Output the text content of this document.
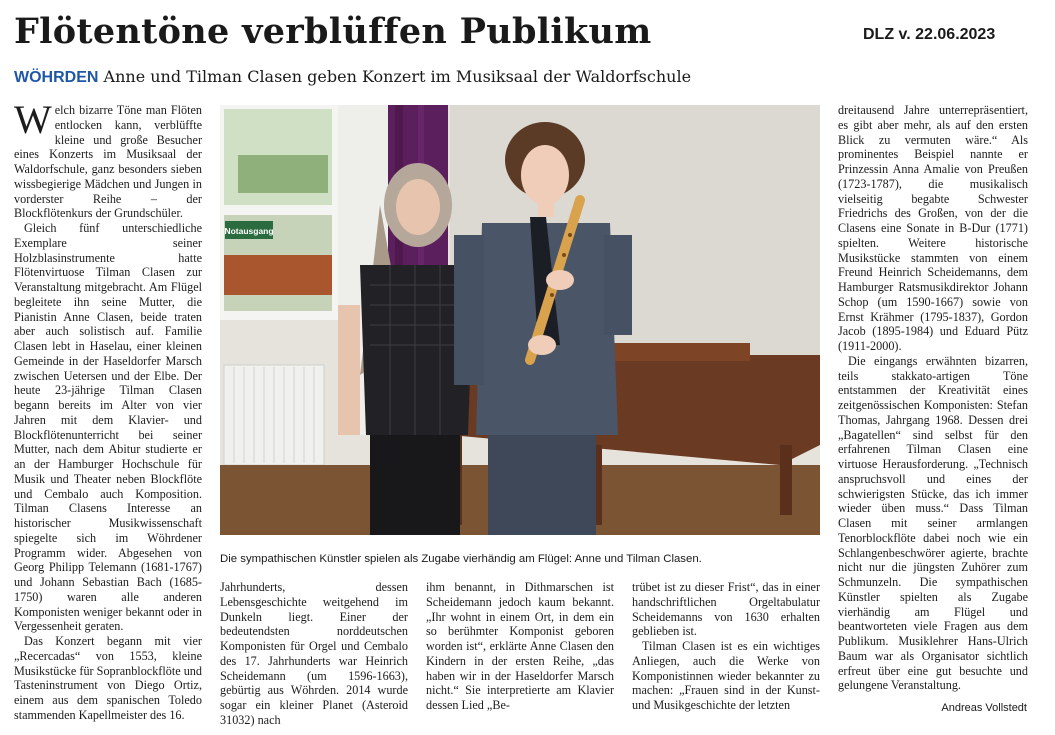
Flötentöne verblüffen Publikum	DLZ v. 22.06.2023
WÖHRDEN Anne und Tilman Clasen geben Konzert im Musiksaal der Waldorfschule

Welch bizarre Töne man Flöten entlocken kann, verblüffte kleine und große Besucher eines Konzerts im Musiksaal der Waldorfschule, ganz besonders sieben wissbegierige Mädchen und Jungen in vorderster Reihe – der Blockflötenkurs der Grundschüler.

Gleich fünf unterschiedliche Exemplare seiner Holzblasinstrumente hatte Flötenvirtuose Tilman Clasen zur Veranstaltung mitgebracht. Am Flügel begleitete ihn seine Mutter, die Pianistin Anne Clasen, beide traten aber auch solistisch auf. Familie Clasen lebt in Haselau, einer kleinen Gemeinde in der Haseldorfer Marsch zwischen Uetersen und der Elbe. Der heute 23-jährige Tilman Clasen begann bereits im Alter von vier Jahren mit dem Klavier- und Blockflötenunterricht bei seiner Mutter, nach dem Abitur studierte er an der Hamburger Hochschule für Musik und Theater neben Blockflöte und Cembalo auch Komposition. Tilman Clasens Interesse an historischer Musikwissenschaft spiegelte sich im Wöhrdener Programm wider. Abgesehen von Georg Philipp Telemann (1681-1767) und Johann Sebastian Bach (1685-1750) waren alle anderen Komponisten weniger bekannt oder in Vergessenheit geraten.

Das Konzert begann mit vier „Recercadas“ von 1553, kleine Musikstücke für Sopranblockflöte und Tasteninstrument von Diego Ortiz, einem aus dem spanischen Toledo stammenden Kapellmeister des 16.

Notausgang
Die sympathischen Künstler spielen als Zugabe vierhändig am Flügel: Anne und Tilman Clasen.

Jahrhunderts, dessen Lebensgeschichte weitgehend im Dunkeln liegt. Einer der bedeutendsten norddeutschen Komponisten für Orgel und Cembalo des 17. Jahrhunderts war Heinrich Scheidemann (um 1596-1663), gebürtig aus Wöhrden. 2014 wurde sogar ein kleiner Planet (Asteroid 31032) nach

ihm benannt, in Dithmarschen ist Scheidemann jedoch kaum bekannt. „Ihr wohnt in einem Ort, in dem ein so berühmter Komponist geboren worden ist“, erklärte Anne Clasen den Kindern in der ersten Reihe, „das haben wir in der Haseldorfer Marsch nicht.“ Sie interpretierte am Klavier dessen Lied „Be-

trübet ist zu dieser Frist“, das in einer handschriftlichen Orgeltabulatur Scheidemanns von 1630 erhalten geblieben ist.

Tilman Clasen ist es ein wichtiges Anliegen, auch die Werke von Komponistinnen wieder bekannter zu machen: „Frauen sind in der Kunst- und Musikgeschichte der letzten

dreitausend Jahre unterrepräsentiert, es gibt aber mehr, als auf den ersten Blick zu vermuten wäre.“ Als prominentes Beispiel nannte er Prinzessin Anna Amalie von Preußen (1723-1787), die musikalisch vielseitig begabte Schwester Friedrichs des Großen, von der die Clasens eine Sonate in B-Dur (1771) spielten. Weitere historische Musikstücke stammten von einem Freund Heinrich Scheidemanns, dem Hamburger Ratsmusikdirektor Johann Schop (um 1590-1667) sowie von Ernst Krähmer (1795-1837), Gordon Jacob (1895-1984) und Eduard Pütz (1911-2000).

Die eingangs erwähnten bizarren, teils stakkato-artigen Töne entstammen der Kreativität eines zeitgenössischen Komponisten: Stefan Thomas, Jahrgang 1968. Dessen drei „Bagatellen“ sind selbst für den erfahrenen Tilman Clasen eine virtuose Herausforderung. „Technisch anspruchsvoll und eines der schwierigsten Stücke, das ich immer wieder üben muss.“ Dass Tilman Clasen mit seiner armlangen Tenorblockflöte dabei noch wie ein Schlangenbeschwörer agierte, brachte nicht nur die jüngsten Zuhörer zum Schmunzeln. Die sympathischen Künstler spielten als Zugabe vierhändig am Flügel und beantworteten viele Fragen aus dem Publikum. Musiklehrer Hans-Ulrich Baum war als Organisator sichtlich erfreut über eine gut besuchte und gelungene Veranstaltung.

Andreas Vollstedt
